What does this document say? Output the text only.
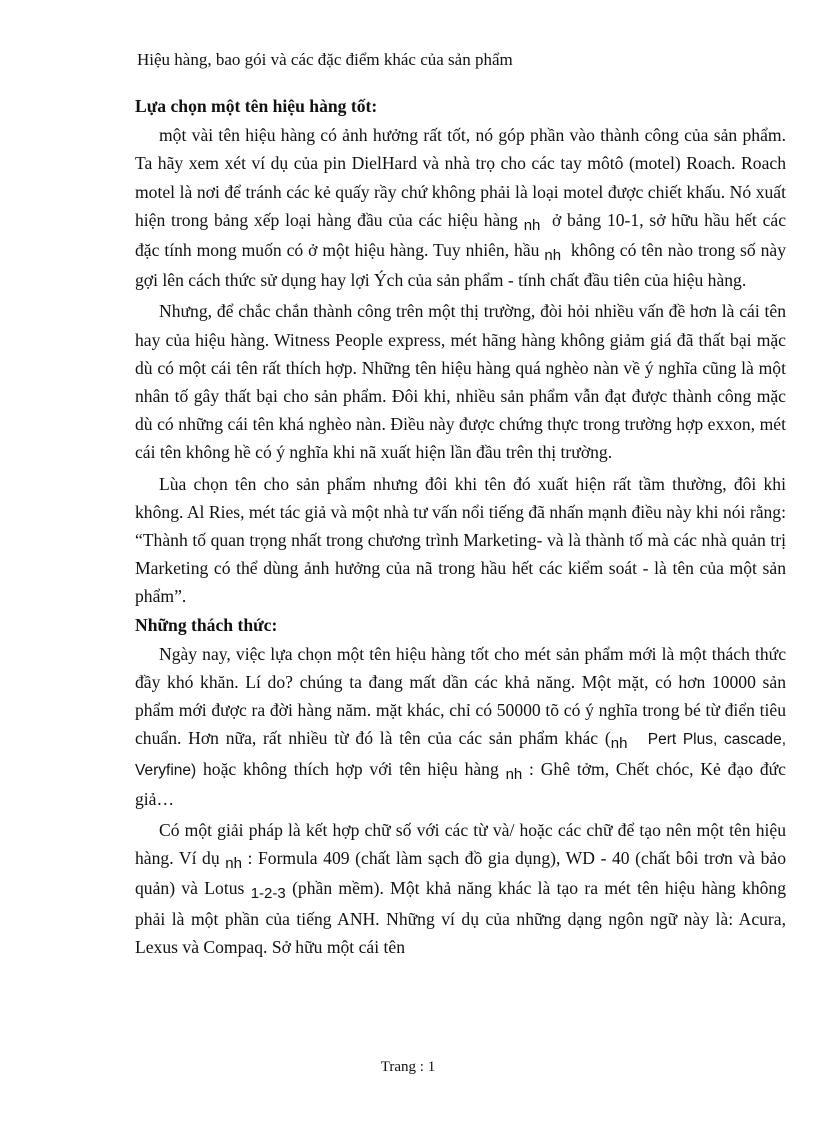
Hiệu hàng, bao gói và các đặc điểm khác của sản phẩm

Lựa chọn một tên hiệu hàng tốt:

một vài tên hiệu hàng có ảnh hưởng rất tốt, nó góp phần vào thành công của sản phẩm. Ta hãy xem xét ví dụ của pin DielHard và nhà trọ cho các tay môtô (motel) Roach. Roach motel là nơi để tránh các kẻ quấy rầy chứ không phải là loại motel được chiết khấu. Nó xuất hiện trong bảng xếp loại hàng đầu của các hiệu hàng nh ở bảng 10-1, sở hữu hầu hết các đặc tính mong muốn có ở một hiệu hàng. Tuy nhiên, hầu nh không có tên nào trong số này gợi lên cách thức sử dụng hay lợi Ých của sản phẩm - tính chất đầu tiên của hiệu hàng.

Nhưng, để chắc chắn thành công trên một thị trường, đòi hỏi nhiều vấn đề hơn là cái tên hay của hiệu hàng. Witness People express, mét hãng hàng không giảm giá đã thất bại mặc dù có một cái tên rất thích hợp. Những tên hiệu hàng quá nghèo nàn về ý nghĩa cũng là một nhân tố gây thất bại cho sản phẩm. Đôi khi, nhiều sản phẩm vẫn đạt được thành công mặc dù có những cái tên khá nghèo nàn. Điều này được chứng thực trong trường hợp exxon, mét cái tên không hề có ý nghĩa khi nã xuất hiện lần đầu trên thị trường.

Lùa chọn tên cho sản phẩm nhưng đôi khi tên đó xuất hiện rất tầm thường, đôi khi không. Al Ries, mét tác giả và một nhà tư vấn nổi tiếng đã nhấn mạnh điều này khi nói rằng: “Thành tố quan trọng nhất trong chương trình Marketing- và là thành tố mà các nhà quản trị Marketing có thể dùng ảnh hưởng của nã trong hầu hết các kiểm soát - là tên của một sản phẩm”.

Những thách thức:

Ngày nay, việc lựa chọn một tên hiệu hàng tốt cho mét sản phẩm mới là một thách thức đầy khó khăn. Lí do? chúng ta đang mất dần các khả năng. Một mặt, có hơn 10000 sản phẩm mới được ra đời hàng năm. mặt khác, chỉ có 50000 tõ có ý nghĩa trong bé từ điển tiêu chuẩn. Hơn nữa, rất nhiều từ đó là tên của các sản phẩm khác (nh Pert Plus, cascade, Veryfine) hoặc không thích hợp với tên hiệu hàng nh : Ghê tởm, Chết chóc, Kẻ đạo đức giả…

Có một giải pháp là kết hợp chữ số với các từ và/ hoặc các chữ để tạo nên một tên hiệu hàng. Ví dụ nh : Formula 409 (chất làm sạch đồ gia dụng), WD - 40 (chất bôi trơn và bảo quản) và Lotus 1-2-3 (phần mềm). Một khả năng khác là tạo ra mét tên hiệu hàng không phải là một phần của tiếng ANH. Những ví dụ của những dạng ngôn ngữ này là: Acura, Lexus và Compaq. Sở hữu một cái tên

Trang : 1
